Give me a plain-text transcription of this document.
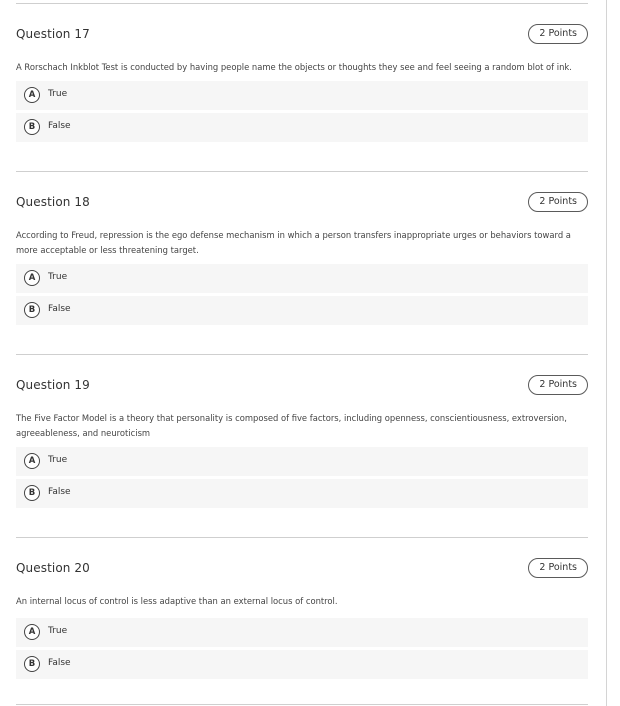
Question 17	2 Points
A Rorschach Inkblot Test is conducted by having people name the objects or thoughts they see and feel seeing a random blot of ink.
A	True
B	False
Question 18	2 Points
According to Freud, repression is the ego defense mechanism in which a person transfers inappropriate urges or behaviors toward a more acceptable or less threatening target.
A	True
B	False
Question 19	2 Points
The Five Factor Model is a theory that personality is composed of five factors, including openness, conscientiousness, extroversion, agreeableness, and neuroticism
A	True
B	False
Question 20	2 Points
An internal locus of control is less adaptive than an external locus of control.
A	True
B	False
